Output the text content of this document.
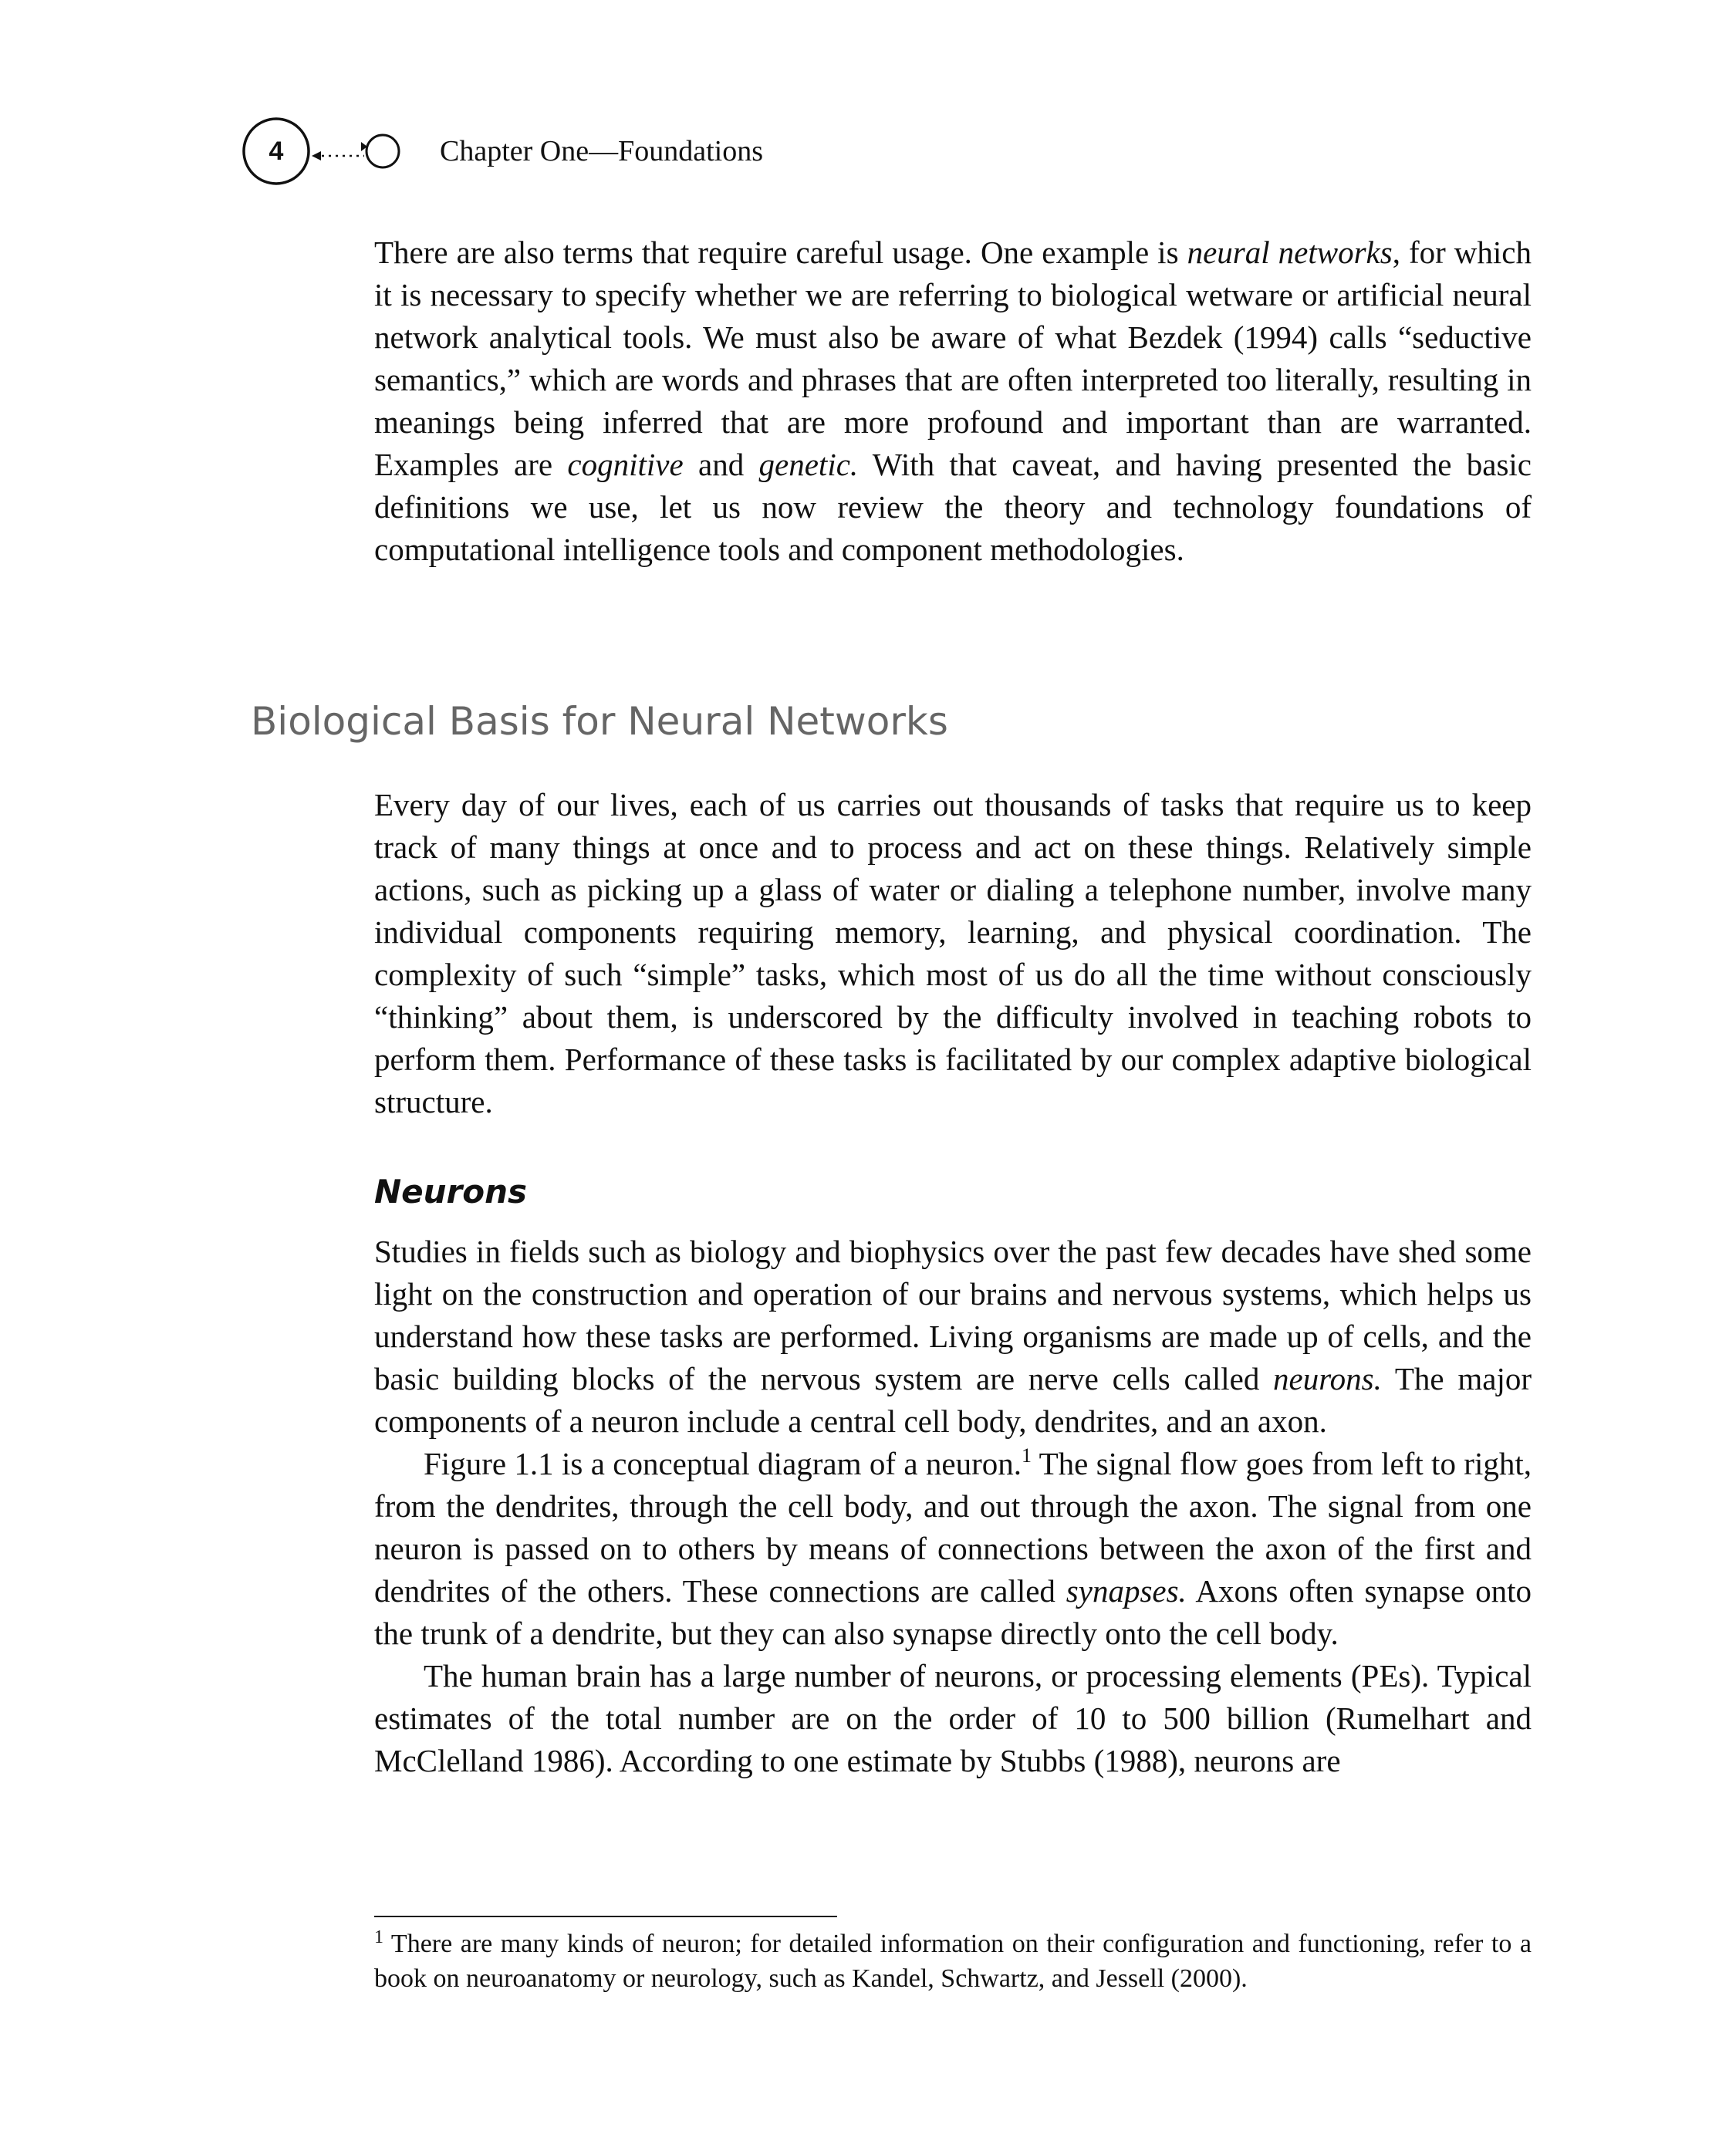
4	Chapter One—Foundations

There are also terms that require careful usage. One example is neural networks, for which it is necessary to specify whether we are referring to biological wetware or artificial neural network analytical tools. We must also be aware of what Bezdek (1994) calls “seductive semantics,” which are words and phrases that are often interpreted too literally, resulting in meanings being inferred that are more profound and important than are warranted. Examples are cognitive and genetic. With that caveat, and having presented the basic definitions we use, let us now review the theory and technology foundations of computational intelligence tools and component methodologies.

Biological Basis for Neural Networks

Every day of our lives, each of us carries out thousands of tasks that require us to keep track of many things at once and to process and act on these things. Relatively simple actions, such as picking up a glass of water or dialing a telephone number, involve many individual components requiring memory, learning, and physical coordination. The complexity of such “simple” tasks, which most of us do all the time without consciously “thinking” about them, is underscored by the difficulty involved in teaching robots to perform them. Performance of these tasks is facilitated by our complex adaptive biological structure.

Neurons

Studies in fields such as biology and biophysics over the past few decades have shed some light on the construction and operation of our brains and nervous systems, which helps us understand how these tasks are performed. Living organisms are made up of cells, and the basic building blocks of the nervous system are nerve cells called neurons. The major components of a neuron include a central cell body, dendrites, and an axon.

Figure 1.1 is a conceptual diagram of a neuron.$^1$ The signal flow goes from left to right, from the dendrites, through the cell body, and out through the axon. The signal from one neuron is passed on to others by means of connections between the axon of the first and dendrites of the others. These connections are called synapses. Axons often synapse onto the trunk of a dendrite, but they can also synapse directly onto the cell body.

The human brain has a large number of neurons, or processing elements (PEs). Typical estimates of the total number are on the order of 10 to 500 billion (Rumelhart and McClelland 1986). According to one estimate by Stubbs (1988), neurons are

$^1$ There are many kinds of neuron; for detailed information on their configuration and functioning, refer to a book on neuroanatomy or neurology, such as Kandel, Schwartz, and Jessell (2000).
